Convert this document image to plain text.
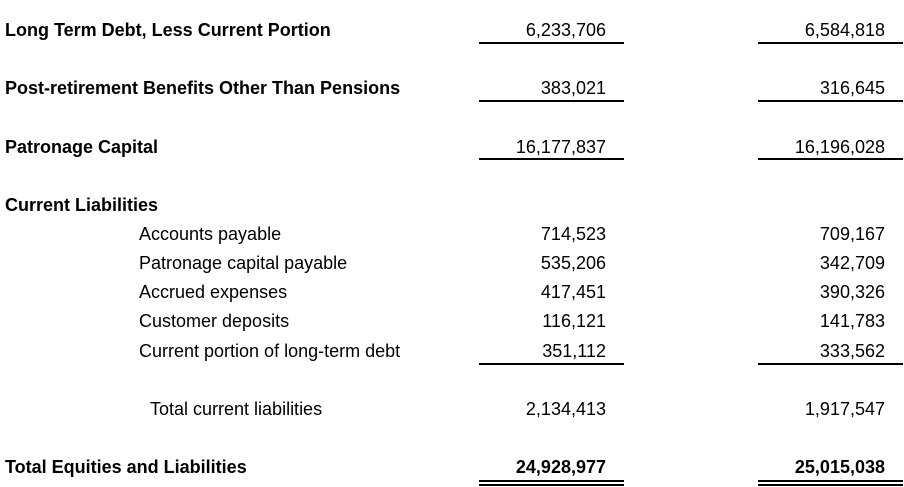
Long Term Debt, Less Current Portion	6,233,706	6,584,818
Post-retirement Benefits Other Than Pensions	383,021	316,645
Patronage Capital	16,177,837	16,196,028
Current Liabilities
Accounts payable	714,523	709,167
Patronage capital payable	535,206	342,709
Accrued expenses	417,451	390,326
Customer deposits	116,121	141,783
Current portion of long-term debt	351,112	333,562
Total current liabilities	2,134,413	1,917,547
Total Equities and Liabilities	24,928,977	25,015,038
